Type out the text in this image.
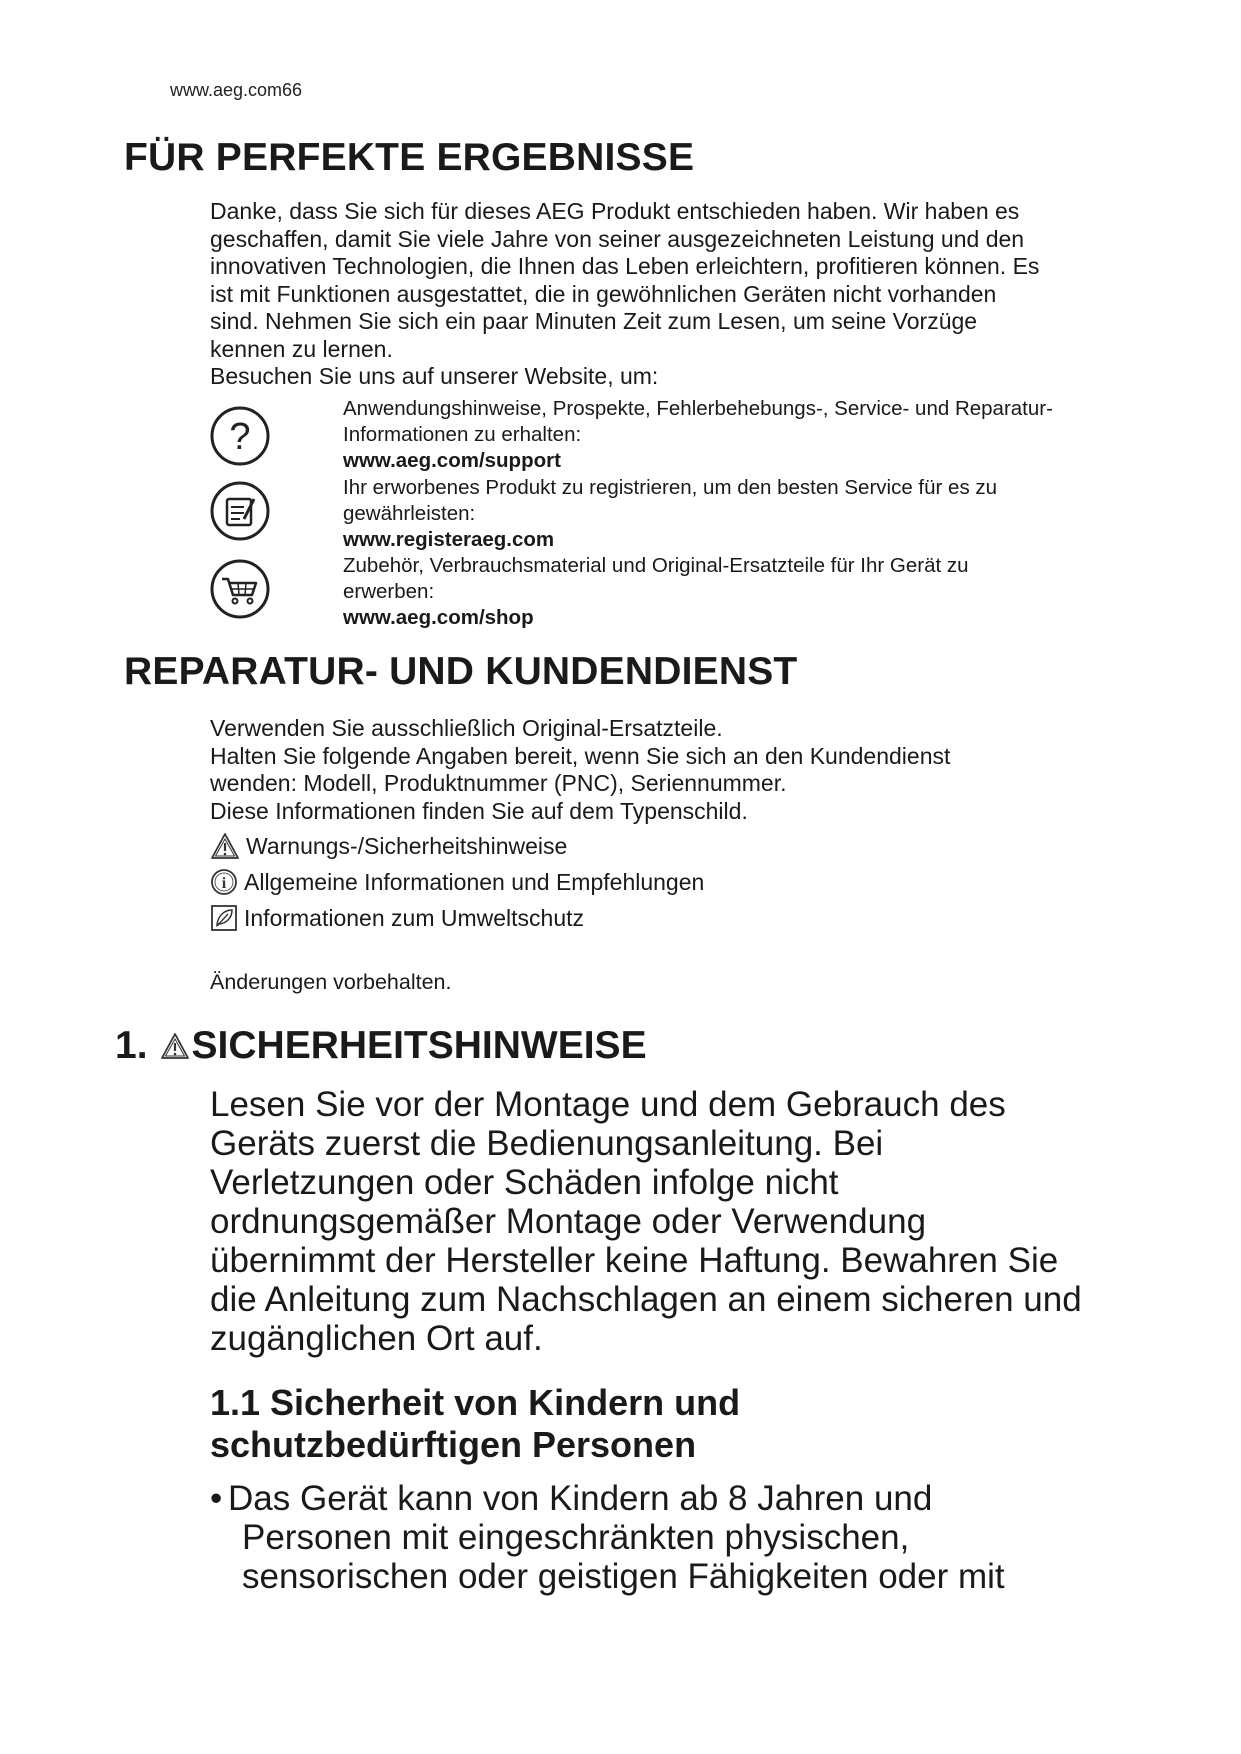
www.aeg.com66
FÜR PERFEKTE ERGEBNISSE

Danke, dass Sie sich für dieses AEG Produkt entschieden haben. Wir haben es

geschaffen, damit Sie viele Jahre von seiner ausgezeichneten Leistung und den

innovativen Technologien, die Ihnen das Leben erleichtern, profitieren können. Es

ist mit Funktionen ausgestattet, die in gewöhnlichen Geräten nicht vorhanden

sind. Nehmen Sie sich ein paar Minuten Zeit zum Lesen, um seine Vorzüge

kennen zu lernen.

Besuchen Sie uns auf unserer Website, um:

?
Anwendungshinweise, Prospekte, Fehlerbehebungs-, Service- und Reparatur-
Informationen zu erhalten:
www.aeg.com/support
Ihr erworbenes Produkt zu registrieren, um den besten Service für es zu
gewährleisten:
www.registeraeg.com
Zubehör, Verbrauchsmaterial und Original-Ersatzteile für Ihr Gerät zu
erwerben:
www.aeg.com/shop
REPARATUR- UND KUNDENDIENST

Verwenden Sie ausschließlich Original-Ersatzteile.

Halten Sie folgende Angaben bereit, wenn Sie sich an den Kundendienst

wenden: Modell, Produktnummer (PNC), Seriennummer.

Diese Informationen finden Sie auf dem Typenschild.

Warnungs-/Sicherheitshinweise
i Allgemeine Informationen und Empfehlungen
Informationen zum Umweltschutz
Änderungen vorbehalten.
1. SICHERHEITSHINWEISE

Lesen Sie vor der Montage und dem Gebrauch des

Geräts zuerst die Bedienungsanleitung. Bei

Verletzungen oder Schäden infolge nicht

ordnungsgemäßer Montage oder Verwendung

übernimmt der Hersteller keine Haftung. Bewahren Sie

die Anleitung zum Nachschlagen an einem sicheren und

zugänglichen Ort auf.

1.1 Sicherheit von Kindern und
schutzbedürftigen Personen
• Das Gerät kann von Kindern ab 8 Jahren und
Personen mit eingeschränkten physischen,
sensorischen oder geistigen Fähigkeiten oder mit
